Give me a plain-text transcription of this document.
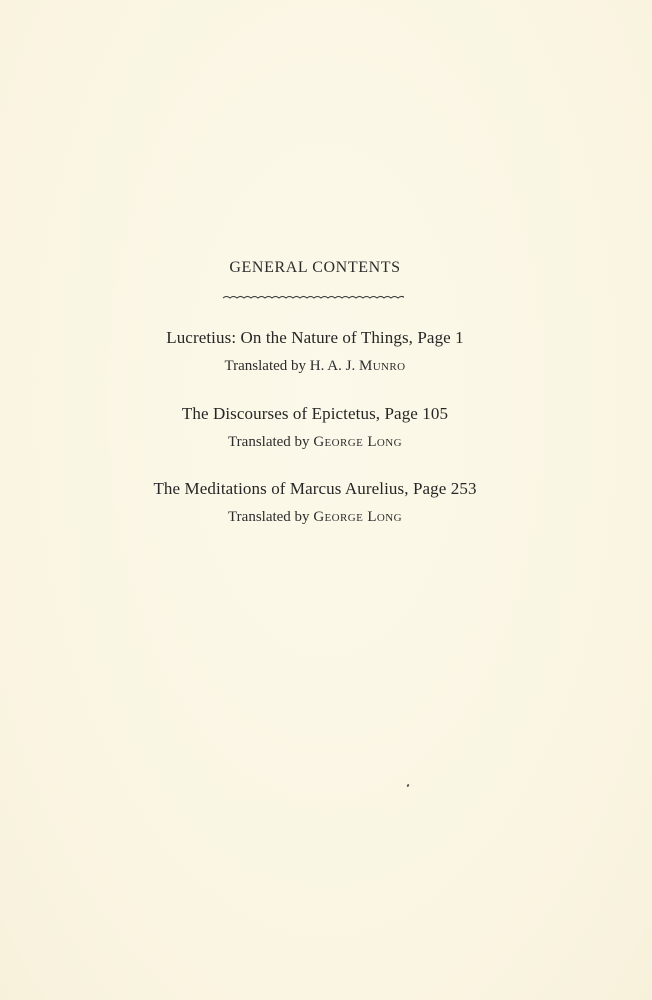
GENERAL CONTENTS
Lucretius: On the Nature of Things, Page 1
Translated by H. A. J. Munro
The Discourses of Epictetus, Page 105
Translated by George Long
The Meditations of Marcus Aurelius, Page 253
Translated by George Long
